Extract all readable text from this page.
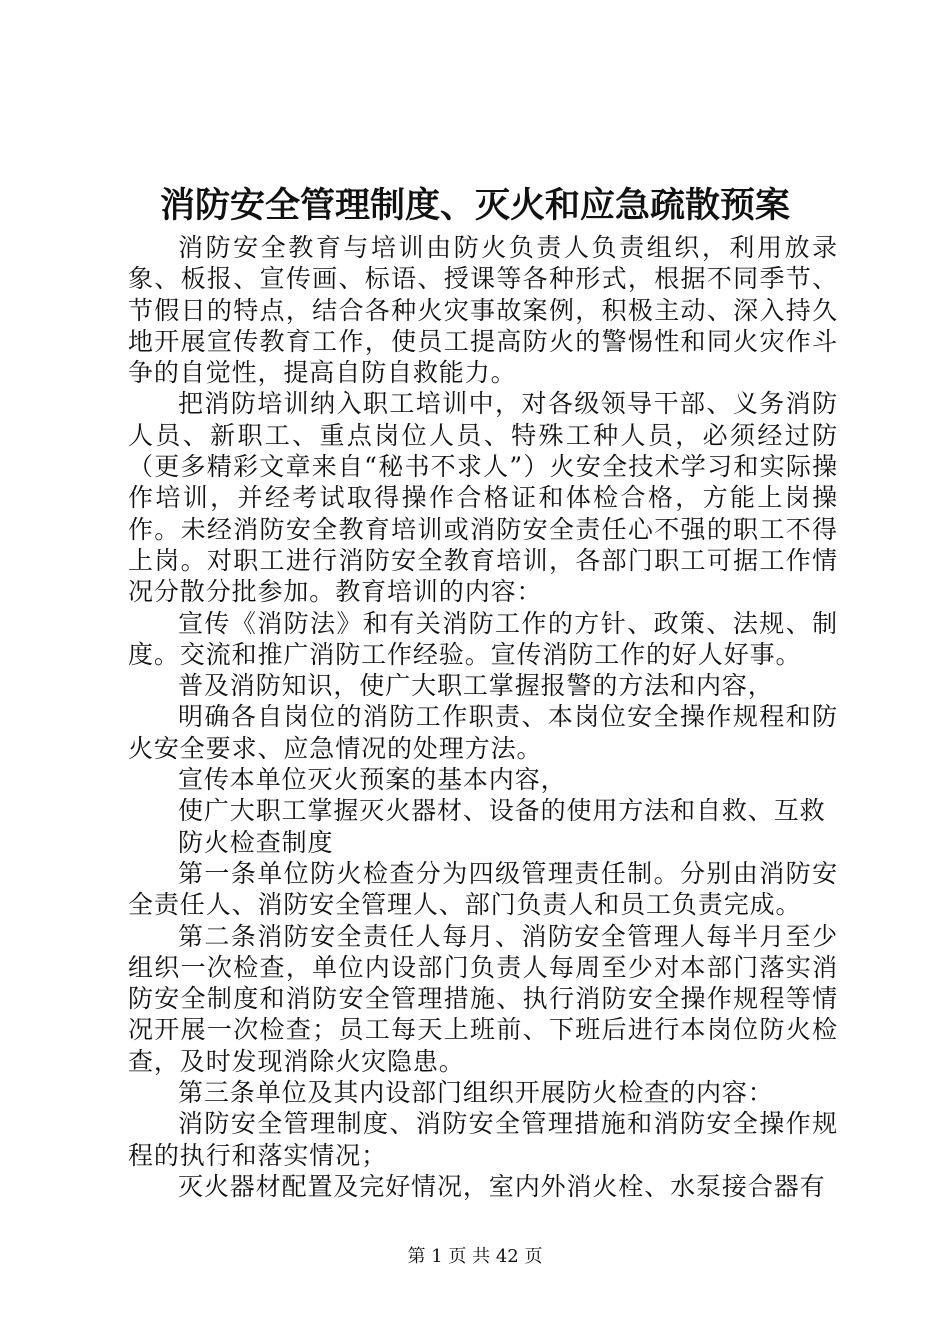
消防安全管理制度、灭火和应急疏散预案

消防安全教育与培训由防火负责人负责组织，利用放录象、板报、宣传画、标语、授课等各种形式，根据不同季节、节假日的特点，结合各种火灾事故案例，积极主动、深入持久地开展宣传教育工作，使员工提高防火的警惕性和同火灾作斗争的自觉性，提高自防自救能力。

把消防培训纳入职工培训中，对各级领导干部、义务消防人员、新职工、重点岗位人员、特殊工种人员，必须经过防（更多精彩文章来自“秘书不求人”）火安全技术学习和实际操作培训，并经考试取得操作合格证和体检合格，方能上岗操作。未经消防安全教育培训或消防安全责任心不强的职工不得上岗。对职工进行消防安全教育培训，各部门职工可据工作情况分散分批参加。教育培训的内容：

宣传《消防法》和有关消防工作的方针、政策、法规、制度。交流和推广消防工作经验。宣传消防工作的好人好事。

普及消防知识，使广大职工掌握报警的方法和内容，

明确各自岗位的消防工作职责、本岗位安全操作规程和防火安全要求、应急情况的处理方法。

宣传本单位灭火预案的基本内容，

使广大职工掌握灭火器材、设备的使用方法和自救、互救

防火检查制度

第一条单位防火检查分为四级管理责任制。分别由消防安全责任人、消防安全管理人、部门负责人和员工负责完成。

第二条消防安全责任人每月、消防安全管理人每半月至少组织一次检查，单位内设部门负责人每周至少对本部门落实消防安全制度和消防安全管理措施、执行消防安全操作规程等情况开展一次检查；员工每天上班前、下班后进行本岗位防火检查，及时发现消除火灾隐患。

第三条单位及其内设部门组织开展防火检查的内容：

消防安全管理制度、消防安全管理措施和消防安全操作规程的执行和落实情况；

灭火器材配置及完好情况，室内外消火栓、水泵接合器有

第 1 页 共 42 页
